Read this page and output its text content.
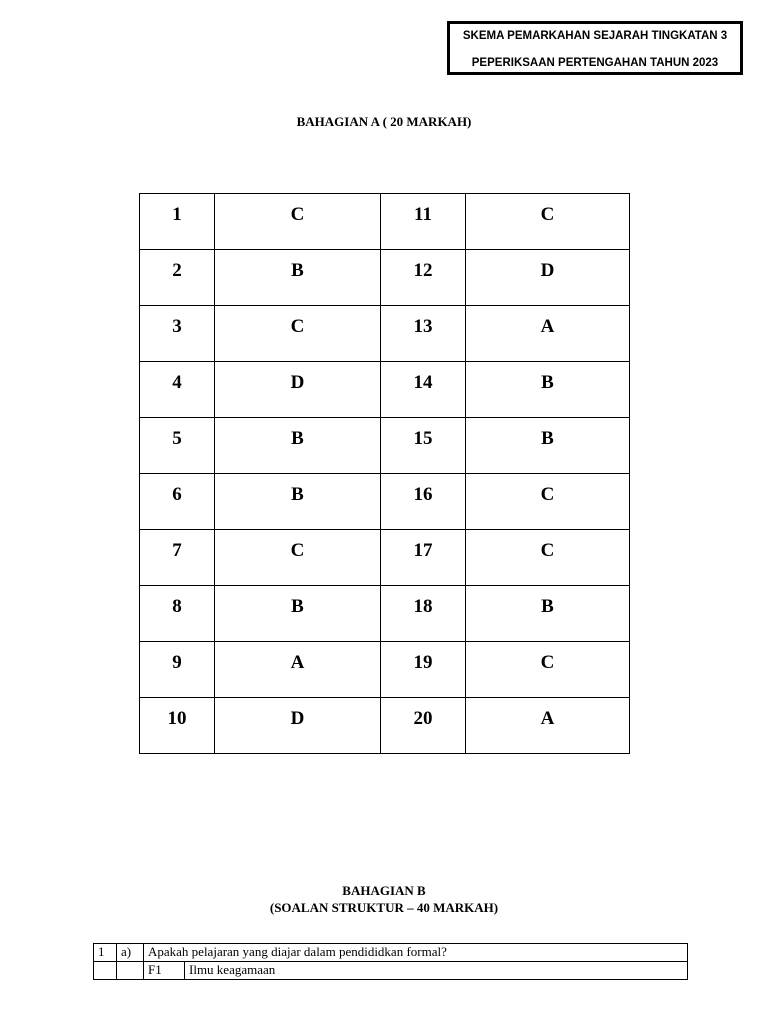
SKEMA PEMARKAHAN SEJARAH TINGKATAN 3
PEPERIKSAAN PERTENGAHAN TAHUN 2023
BAHAGIAN A ( 20 MARKAH)
1	C	11	C
2	B	12	D
3	C	13	A
4	D	14	B
5	B	15	B
6	B	16	C
7	C	17	C
8	B	18	B
9	A	19	C
10	D	20	A
BAHAGIAN B
(SOALAN STRUKTUR – 40 MARKAH)
1	a)	Apakah pelajaran yang diajar dalam pendididkan formal?	
		F1	Ilmu keagamaan
